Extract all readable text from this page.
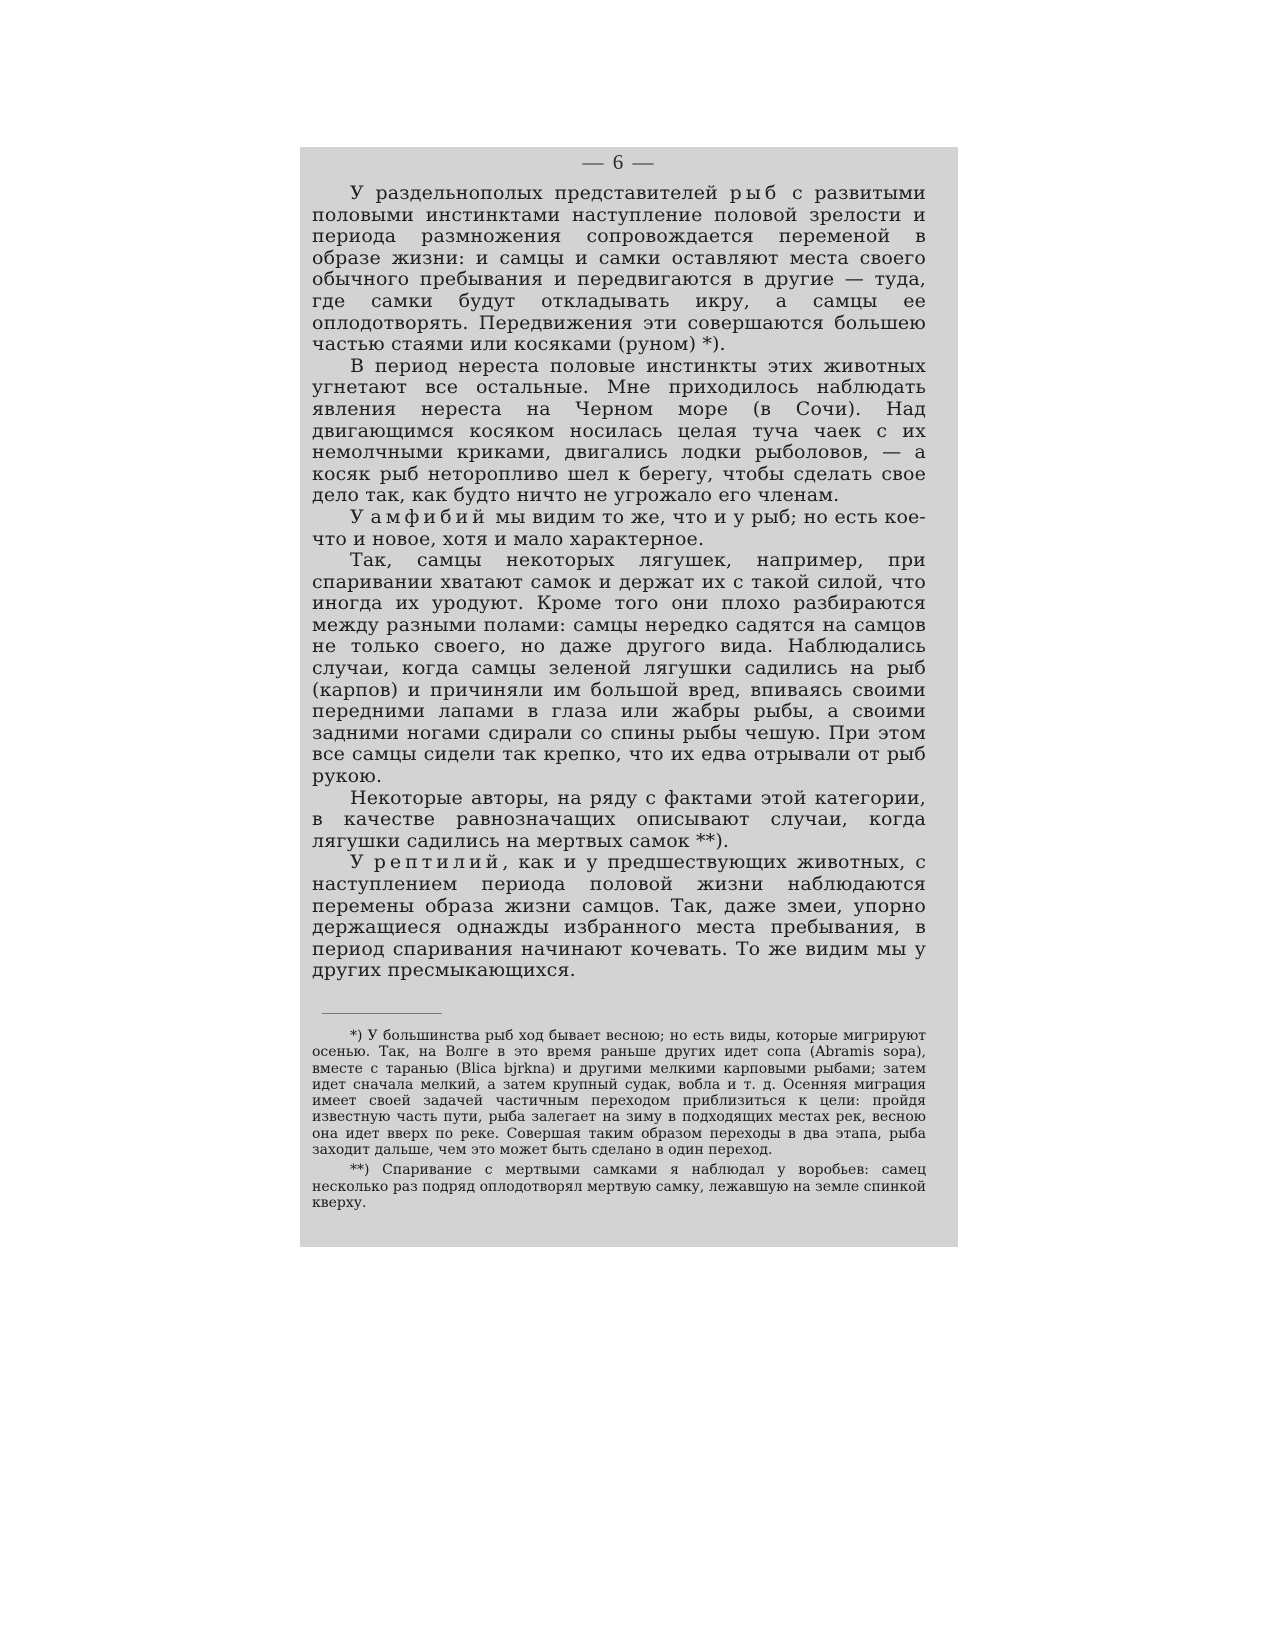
— 6 —

У раздельнополых представителей рыб с развитыми половыми инстинктами наступление половой зрелости и периода размножения сопровождается переменой в образе жизни: и самцы и самки оставляют места своего обычного пребывания и передвигаются в другие — туда, где самки будут откладывать икру, а самцы ее оплодотворять. Передвижения эти совершаются большею частью стаями или косяками (руном) *).

В период нереста половые инстинкты этих животных угнетают все остальные. Мне приходилось наблюдать явления нереста на Черном море (в Сочи). Над двигающимся косяком носилась целая туча чаек с их немолчными криками, двигались лодки рыболовов, — а косяк рыб неторопливо шел к берегу, чтобы сделать свое дело так, как будто ничто не угрожало его членам.

У амфибий мы видим то же, что и у рыб; но есть кое-что и новое, хотя и мало характерное.

Так, самцы некоторых лягушек, например, при спаривании хватают самок и держат их с такой силой, что иногда их уродуют. Кроме того они плохо разбираются между разными полами: самцы нередко садятся на самцов не только своего, но даже другого вида. Наблюдались случаи, когда самцы зеленой лягушки садились на рыб (карпов) и причиняли им большой вред, впиваясь своими передними лапами в глаза или жабры рыбы, а своими задними ногами сдирали со спины рыбы чешую. При этом все самцы сидели так крепко, что их едва отрывали от рыб рукою.

Некоторые авторы, на ряду с фактами этой категории, в качестве равнозначащих описывают случаи, когда лягушки садились на мертвых самок **).

У рептилий, как и у предшествующих животных, с наступлением периода половой жизни наблюдаются перемены образа жизни самцов. Так, даже змеи, упорно держащиеся однажды избранного места пребывания, в период спаривания начинают кочевать. То же видим мы у других пресмыкающихся.

*) У большинства рыб ход бывает весною; но есть виды, которые мигрируют осенью. Так, на Волге в это время раньше других идет сопа (Abramis sopa), вместе с таранью (Blica bjrkna) и другими мелкими карповыми рыбами; затем идет сначала мелкий, а затем крупный судак, вобла и т. д. Осенняя миграция имеет своей задачей частичным переходом приблизиться к цели: пройдя известную часть пути, рыба залегает на зиму в подходящих местах рек, весною она идет вверх по реке. Совершая таким образом переходы в два этапа, рыба заходит дальше, чем это может быть сделано в один переход.

**) Спаривание с мертвыми самками я наблюдал у воробьев: самец несколько раз подряд оплодотворял мертвую самку, лежавшую на земле спинкой кверху.
